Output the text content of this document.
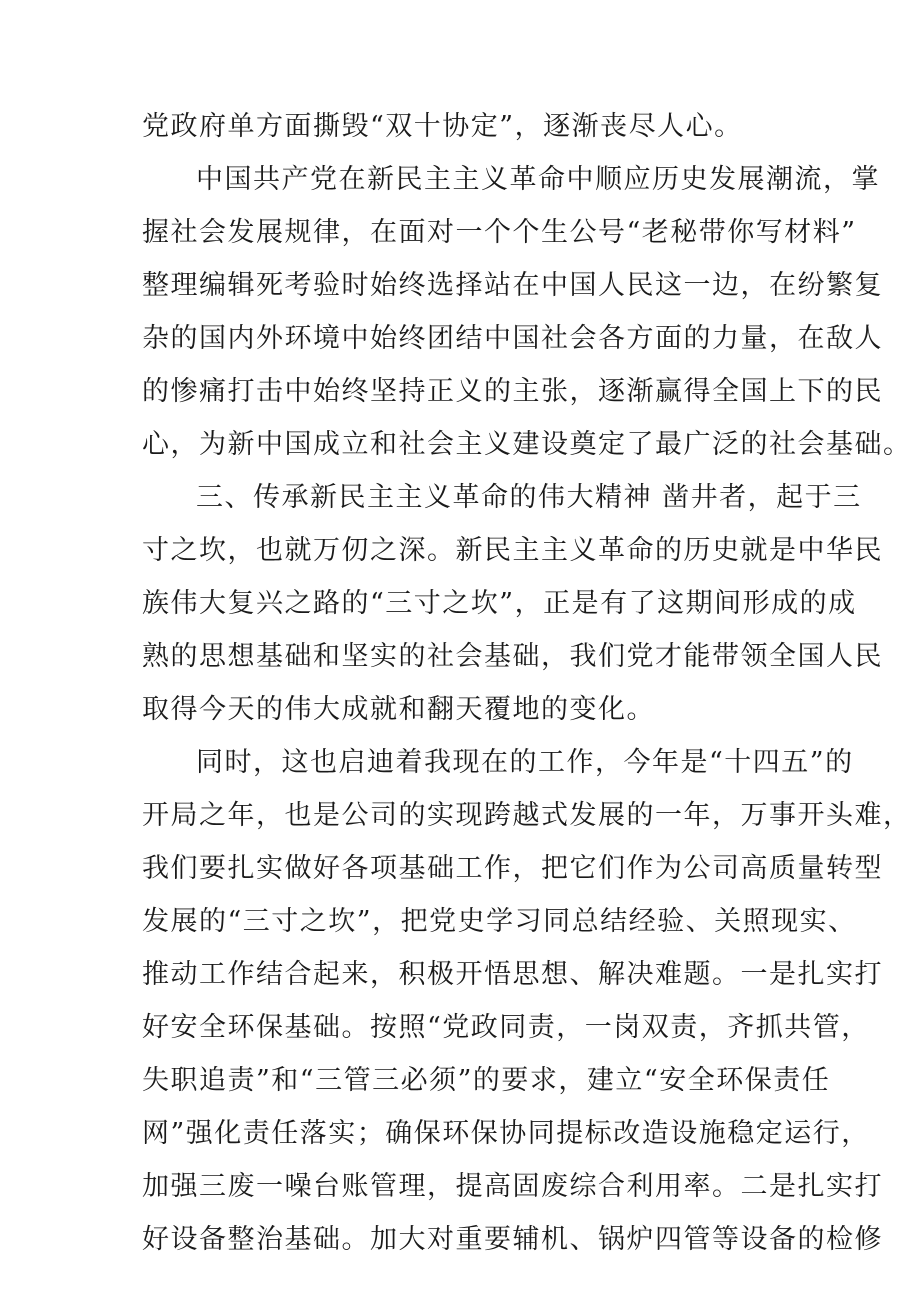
党政府单方面撕毁“双十协定”，逐渐丧尽人心。
中国共产党在新民主主义革命中顺应历史发展潮流，掌
握社会发展规律，在面对一个个生公号“老秘带你写材料”
整理编辑死考验时始终选择站在中国人民这一边，在纷繁复
杂的国内外环境中始终团结中国社会各方面的力量，在敌人
的惨痛打击中始终坚持正义的主张，逐渐赢得全国上下的民
心，为新中国成立和社会主义建设奠定了最广泛的社会基础。
三、传承新民主主义革命的伟大精神 凿井者，起于三
寸之坎，也就万仞之深。新民主主义革命的历史就是中华民
族伟大复兴之路的“三寸之坎”，正是有了这期间形成的成
熟的思想基础和坚实的社会基础，我们党才能带领全国人民
取得今天的伟大成就和翻天覆地的变化。
同时，这也启迪着我现在的工作，今年是“十四五”的
开局之年，也是公司的实现跨越式发展的一年，万事开头难，
我们要扎实做好各项基础工作，把它们作为公司高质量转型
发展的“三寸之坎”，把党史学习同总结经验、关照现实、
推动工作结合起来，积极开悟思想、解决难题。一是扎实打
好安全环保基础。按照“党政同责，一岗双责，齐抓共管，
失职追责”和“三管三必须”的要求，建立“安全环保责任
网”强化责任落实；确保环保协同提标改造设施稳定运行，
加强三废一噪台账管理，提高固废综合利用率。二是扎实打
好设备整治基础。加大对重要辅机、锅炉四管等设备的检修
